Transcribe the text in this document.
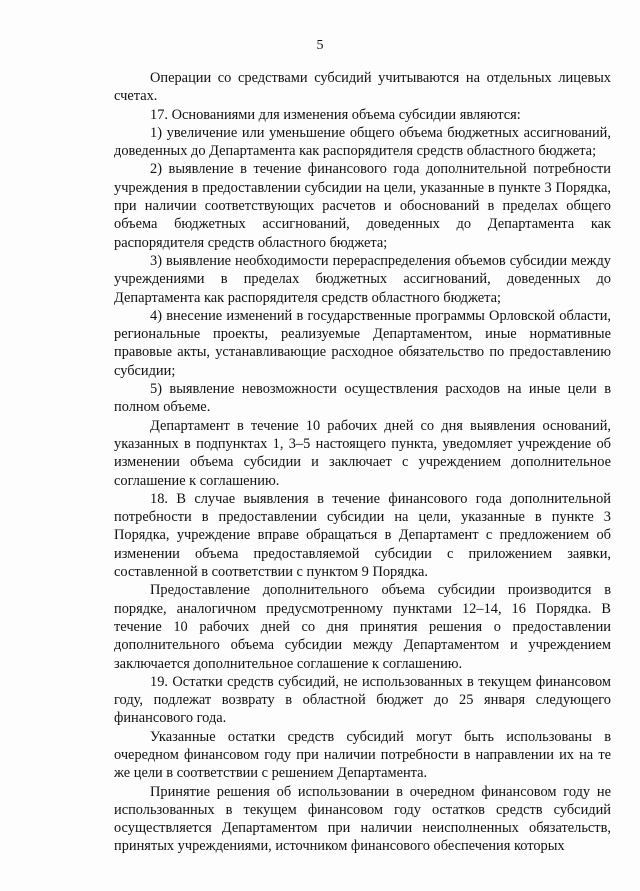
5

Операции со средствами субсидий учитываются на отдельных лицевых счетах.

17. Основаниями для изменения объема субсидии являются:

1) увеличение или уменьшение общего объема бюджетных ассигнований, доведенных до Департамента как распорядителя средств областного бюджета;

2) выявление в течение финансового года дополнительной потребности учреждения в предоставлении субсидии на цели, указанные в пункте 3 Порядка, при наличии соответствующих расчетов и обоснований в пределах общего объема бюджетных ассигнований, доведенных до Департамента как распорядителя средств областного бюджета;

3) выявление необходимости перераспределения объемов субсидии между учреждениями в пределах бюджетных ассигнований, доведенных до Департамента как распорядителя средств областного бюджета;

4) внесение изменений в государственные программы Орловской области, региональные проекты, реализуемые Департаментом, иные нормативные правовые акты, устанавливающие расходное обязательство по предоставлению субсидии;

5) выявление невозможности осуществления расходов на иные цели в полном объеме.

Департамент в течение 10 рабочих дней со дня выявления оснований, указанных в подпунктах 1, 3–5 настоящего пункта, уведомляет учреждение об изменении объема субсидии и заключает с учреждением дополнительное соглашение к соглашению.

18. В случае выявления в течение финансового года дополнительной потребности в предоставлении субсидии на цели, указанные в пункте 3 Порядка, учреждение вправе обращаться в Департамент с предложением об изменении объема предоставляемой субсидии с приложением заявки, составленной в соответствии с пунктом 9 Порядка.

Предоставление дополнительного объема субсидии производится в порядке, аналогичном предусмотренному пунктами 12–14, 16 Порядка. В течение 10 рабочих дней со дня принятия решения о предоставлении дополнительного объема субсидии между Департаментом и учреждением заключается дополнительное соглашение к соглашению.

19. Остатки средств субсидий, не использованных в текущем финансовом году, подлежат возврату в областной бюджет до 25 января следующего финансового года.

Указанные остатки средств субсидий могут быть использованы в очередном финансовом году при наличии потребности в направлении их на те же цели в соответствии с решением Департамента.

Принятие решения об использовании в очередном финансовом году не использованных в текущем финансовом году остатков средств субсидий осуществляется Департаментом при наличии неисполненных обязательств, принятых учреждениями, источником финансового обеспечения которых
